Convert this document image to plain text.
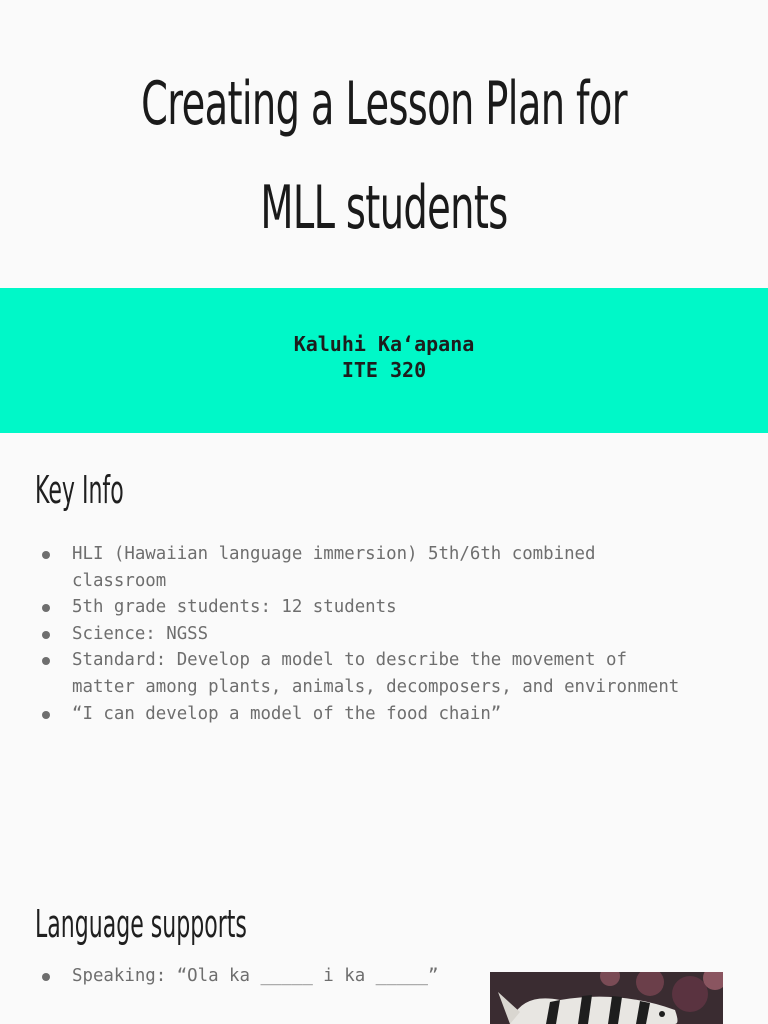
Creating a Lesson Plan for
MLL students
Kaluhi Kaʻapana
ITE 320
Key Info
HLI (Hawaiian language immersion) 5th/6th combined classroom
5th grade students: 12 students
Science: NGSS
Standard: Develop a model to describe the movement of matter among plants, animals, decomposers, and environment
“I can develop a model of the food chain”
Language supports
Speaking: “Ola ka _____ i ka _____”
